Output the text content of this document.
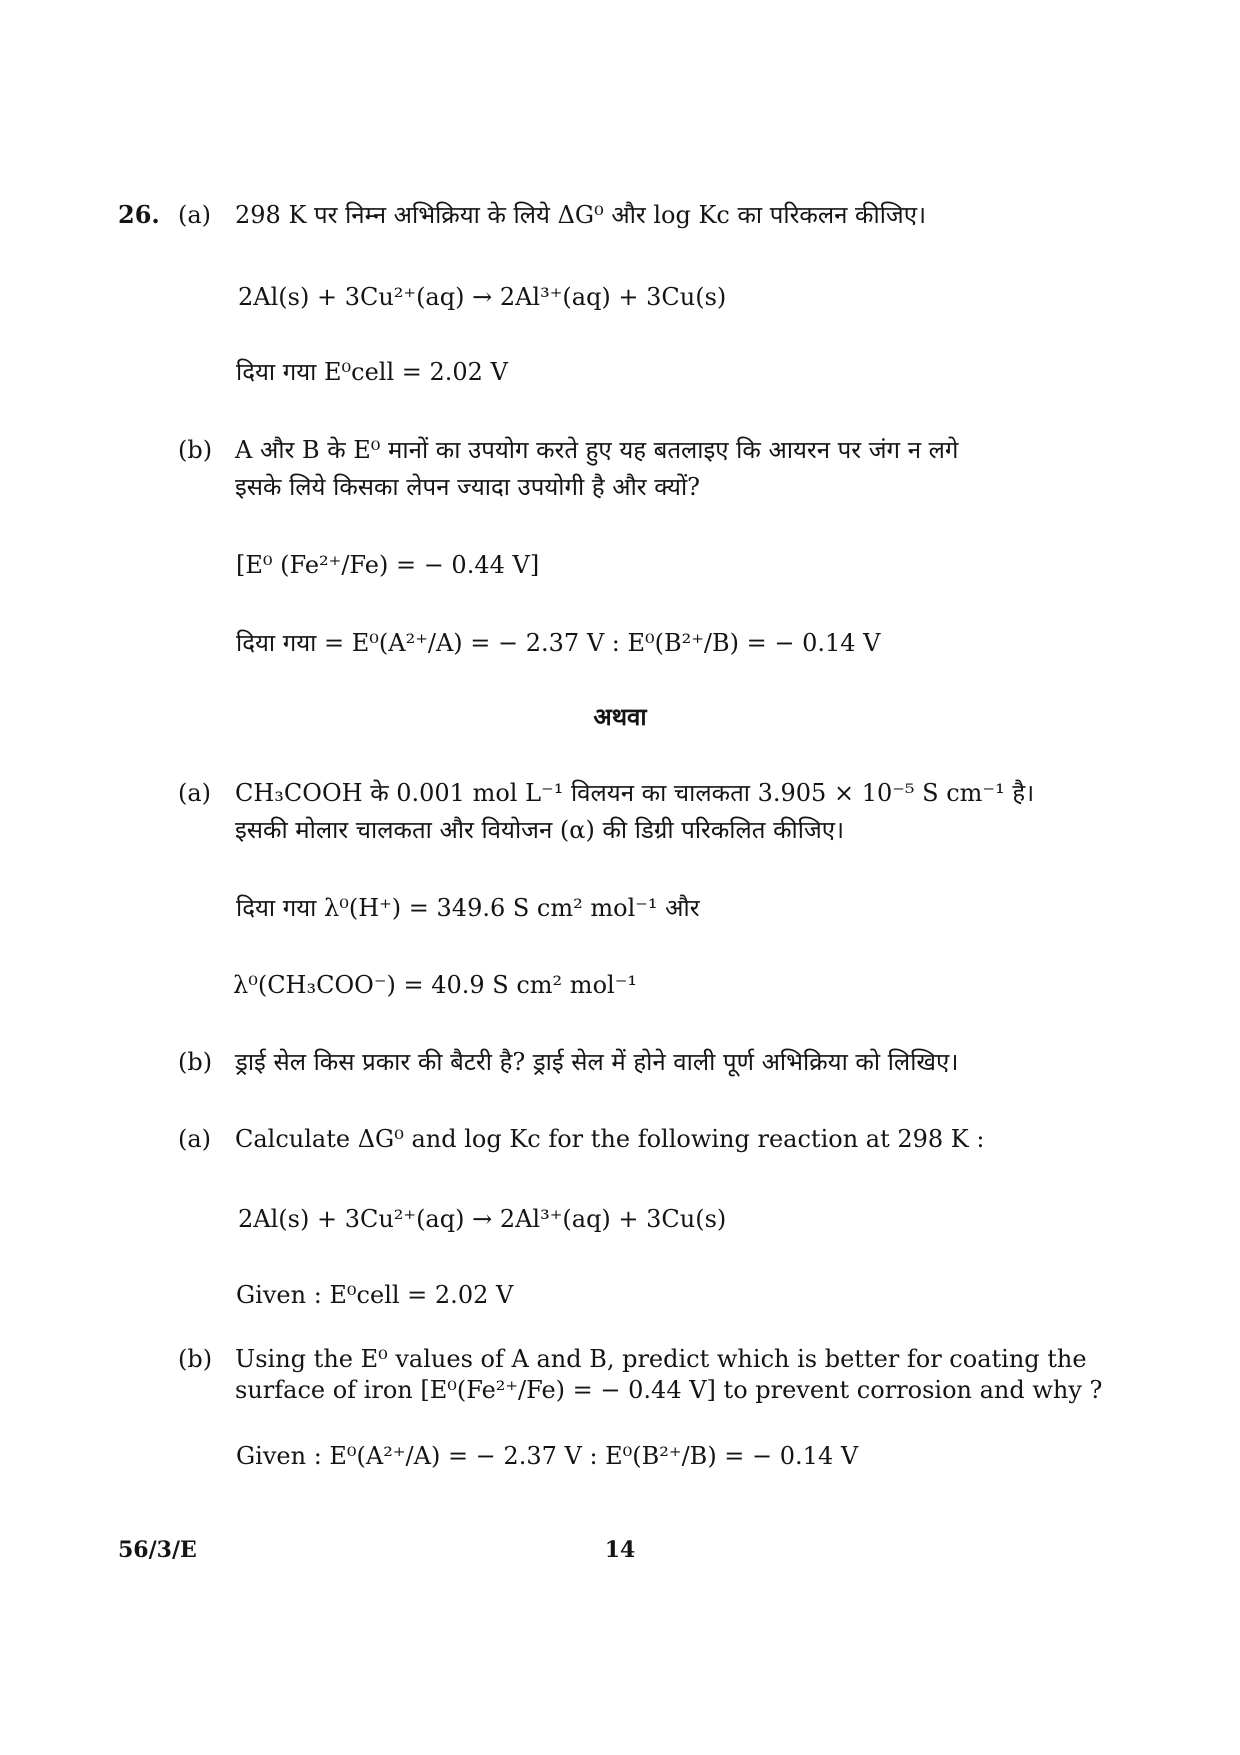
26. (a) 298 K पर निम्न अभिक्रिया के लिये ΔG⁰ और log Kc का परिकलन कीजिए।
2Al(s) + 3Cu²⁺(aq) → 2Al³⁺(aq) + 3Cu(s)
दिया गया E⁰cell = 2.02 V
(b) A और B के E⁰ मानों का उपयोग करते हुए यह बतलाइए कि आयरन पर जंग न लगे
इसके लिये किसका लेपन ज्यादा उपयोगी है और क्यों?
[E⁰ (Fe²⁺/Fe) = − 0.44 V]
दिया गया = E⁰(A²⁺/A) = − 2.37 V : E⁰(B²⁺/B) = − 0.14 V
अथवा
(a) CH₃COOH के 0.001 mol L⁻¹ विलयन का चालकता 3.905 × 10⁻⁵ S cm⁻¹ है।
इसकी मोलार चालकता और वियोजन (α) की डिग्री परिकलित कीजिए।
दिया गया λ⁰(H⁺) = 349.6 S cm² mol⁻¹ और
λ⁰(CH₃COO⁻) = 40.9 S cm² mol⁻¹
(b) ड्राई सेल किस प्रकार की बैटरी है? ड्राई सेल में होने वाली पूर्ण अभिक्रिया को लिखिए।
(a) Calculate ΔG⁰ and log Kc for the following reaction at 298 K :
2Al(s) + 3Cu²⁺(aq) → 2Al³⁺(aq) + 3Cu(s)
Given : E⁰cell = 2.02 V
(b) Using the E⁰ values of A and B, predict which is better for coating the
surface of iron [E⁰(Fe²⁺/Fe) = − 0.44 V] to prevent corrosion and why ?
Given : E⁰(A²⁺/A) = − 2.37 V : E⁰(B²⁺/B) = − 0.14 V
56/3/E	14
